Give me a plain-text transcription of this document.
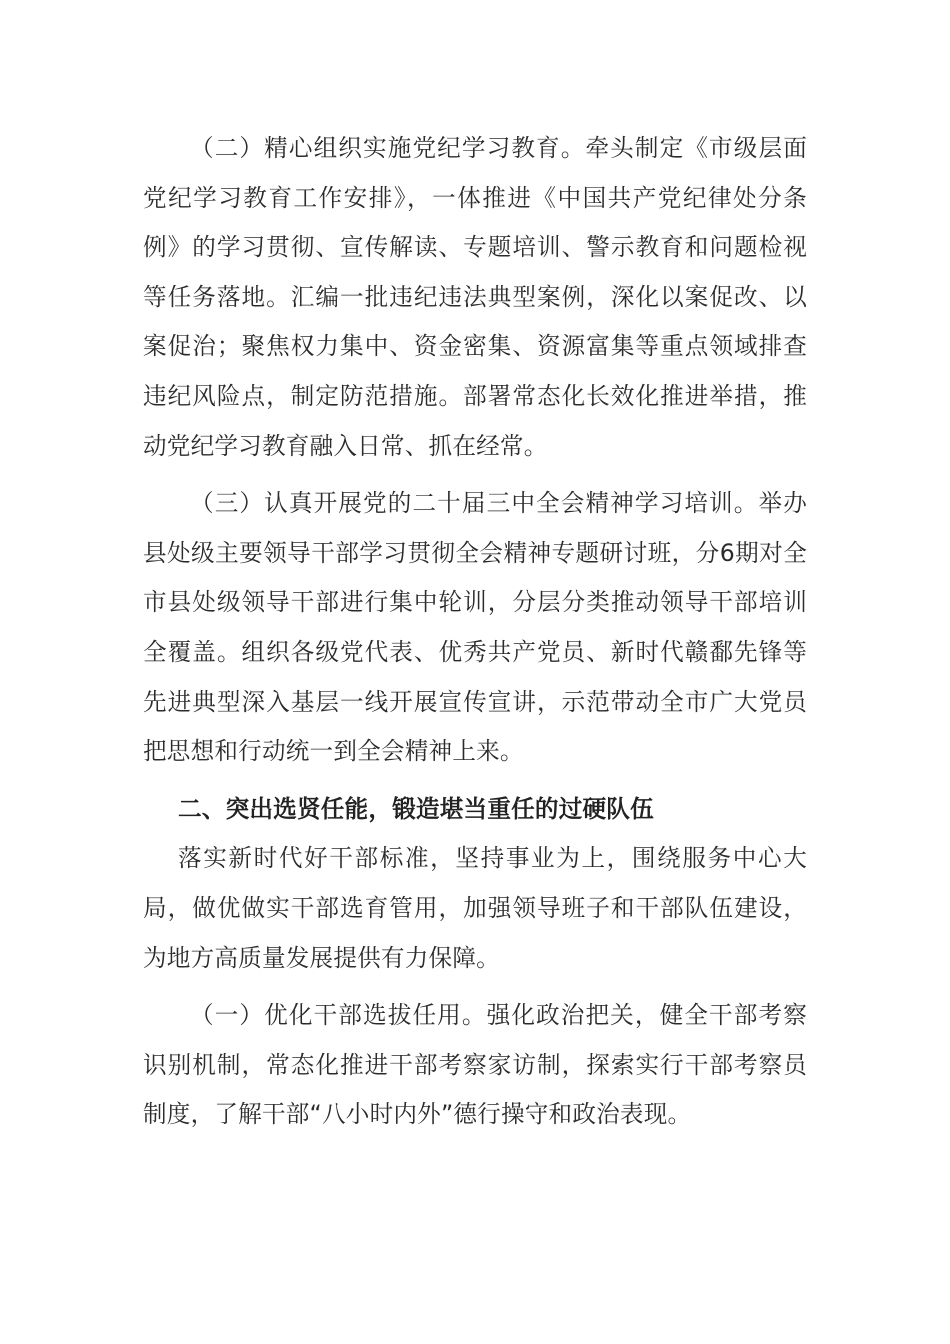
（二）精心组织实施党纪学习教育。牵头制定《市级层面党纪学习教育工作安排》，一体推进《中国共产党纪律处分条例》的学习贯彻、宣传解读、专题培训、警示教育和问题检视等任务落地。汇编一批违纪违法典型案例，深化以案促改、以案促治；聚焦权力集中、资金密集、资源富集等重点领域排查违纪风险点，制定防范措施。部署常态化长效化推进举措，推动党纪学习教育融入日常、抓在经常。

（三）认真开展党的二十届三中全会精神学习培训。举办县处级主要领导干部学习贯彻全会精神专题研讨班，分6期对全市县处级领导干部进行集中轮训，分层分类推动领导干部培训全覆盖。组织各级党代表、优秀共产党员、新时代赣鄱先锋等先进典型深入基层一线开展宣传宣讲，示范带动全市广大党员把思想和行动统一到全会精神上来。

二、突出选贤任能，锻造堪当重任的过硬队伍

落实新时代好干部标准，坚持事业为上，围绕服务中心大局，做优做实干部选育管用，加强领导班子和干部队伍建设，为地方高质量发展提供有力保障。

（一）优化干部选拔任用。强化政治把关，健全干部考察识别机制，常态化推进干部考察家访制，探索实行干部考察员制度，了解干部“八小时内外”德行操守和政治表现。
